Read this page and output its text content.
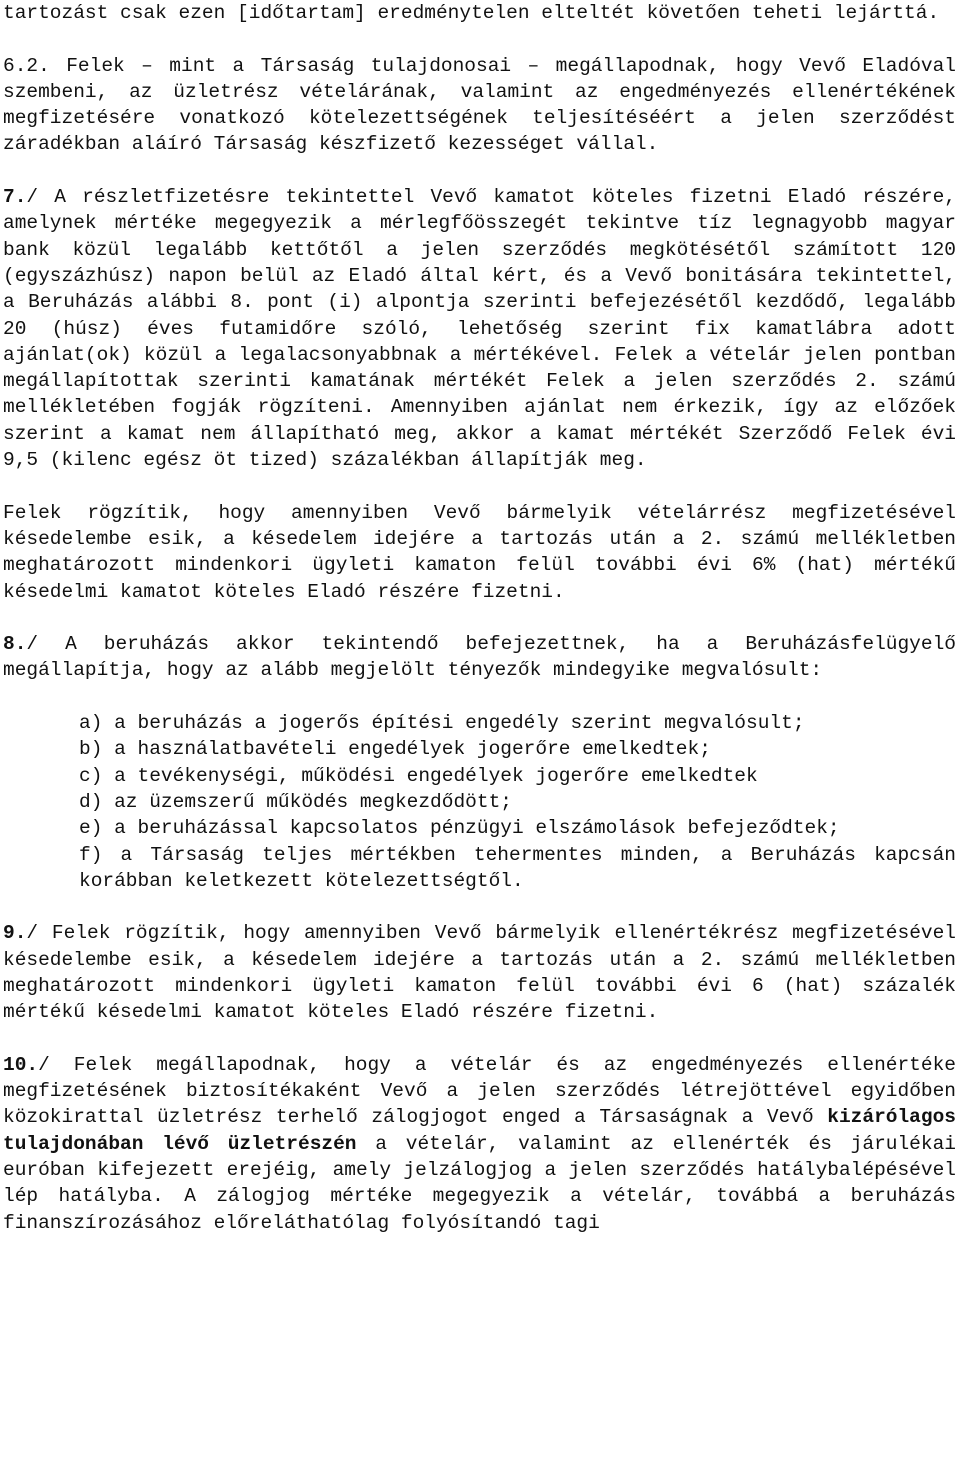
tartozást csak ezen [időtartam] eredménytelen elteltét követően teheti lejárttá.

6.2. Felek – mint a Társaság tulajdonosai – megállapodnak, hogy Vevő Eladóval szembeni, az üzletrész vételárának, valamint az engedményezés ellenértékének megfizetésére vonatkozó kötelezettségének teljesítéséért a jelen szerződést záradékban aláíró Társaság készfizető kezességet vállal.

7./ A részletfizetésre tekintettel Vevő kamatot köteles fizetni Eladó részére, amelynek mértéke megegyezik a mérlegfőösszegét tekintve tíz legnagyobb magyar bank közül legalább kettőtől a jelen szerződés megkötésétől számított 120 (egyszázhúsz) napon belül az Eladó által kért, és a Vevő bonitására tekintettel, a Beruházás alábbi 8. pont (i) alpontja szerinti befejezésétől kezdődő, legalább 20 (húsz) éves futamidőre szóló, lehetőség szerint fix kamatlábra adott ajánlat(ok) közül a legalacsonyabbnak a mértékével. Felek a vételár jelen pontban megállapítottak szerinti kamatának mértékét Felek a jelen szerződés 2. számú mellékletében fogják rögzíteni. Amennyiben ajánlat nem érkezik, így az előzőek szerint a kamat nem állapítható meg, akkor a kamat mértékét Szerződő Felek évi 9,5 (kilenc egész öt tized) százalékban állapítják meg.

Felek rögzítik, hogy amennyiben Vevő bármelyik vételárrész megfizetésével késedelembe esik, a késedelem idejére a tartozás után a 2. számú mellékletben meghatározott mindenkori ügyleti kamaton felül további évi 6% (hat) mértékű késedelmi kamatot köteles Eladó részére fizetni.

8./ A beruházás akkor tekintendő befejezettnek, ha a Beruházásfelügyelő megállapítja, hogy az alább megjelölt tényezők mindegyike megvalósult:

a) a beruházás a jogerős építési engedély szerint megvalósult;

b) a használatbavételi engedélyek jogerőre emelkedtek;

c) a tevékenységi, működési engedélyek jogerőre emelkedtek

d) az üzemszerű működés megkezdődött;

e) a beruházással kapcsolatos pénzügyi elszámolások befejeződtek;

f) a Társaság teljes mértékben tehermentes minden, a Beruházás kapcsán korábban keletkezett kötelezettségtől.

9./ Felek rögzítik, hogy amennyiben Vevő bármelyik ellenértékrész megfizetésével késedelembe esik, a késedelem idejére a tartozás után a 2. számú mellékletben meghatározott mindenkori ügyleti kamaton felül további évi 6 (hat) százalék mértékű késedelmi kamatot köteles Eladó részére fizetni.

10./ Felek megállapodnak, hogy a vételár és az engedményezés ellenértéke megfizetésének biztosítékaként Vevő a jelen szerződés létrejöttével egyidőben közokirattal üzletrész terhelő zálogjogot enged a Társaságnak a Vevő kizárólagos tulajdonában lévő üzletrészén a vételár, valamint az ellenérték és járulékai euróban kifejezett erejéig, amely jelzálogjog a jelen szerződés hatálybalépésével lép hatályba. A zálogjog mértéke megegyezik a vételár, továbbá a beruházás finanszírozásához előreláthatólag folyósítandó tagi
